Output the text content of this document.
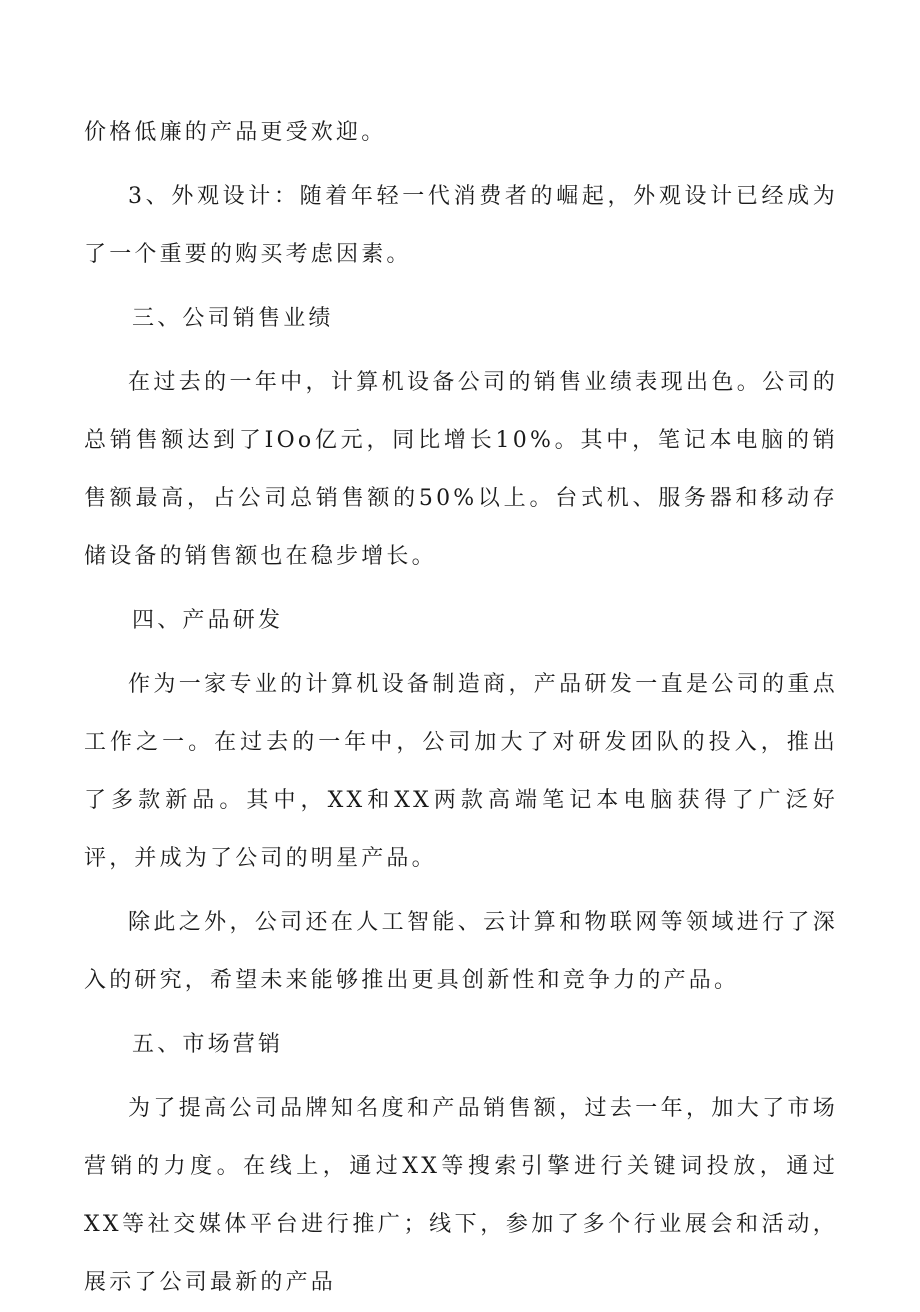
价格低廉的产品更受欢迎。

3、外观设计：随着年轻一代消费者的崛起，外观设计已经成为了一个重要的购买考虑因素。

三、公司销售业绩

在过去的一年中，计算机设备公司的销售业绩表现出色。公司的总销售额达到了IOo亿元，同比增长10%。其中，笔记本电脑的销售额最高，占公司总销售额的50%以上。台式机、服务器和移动存储设备的销售额也在稳步增长。

四、产品研发

作为一家专业的计算机设备制造商，产品研发一直是公司的重点工作之一。在过去的一年中，公司加大了对研发团队的投入，推出了多款新品。其中，XX和XX两款高端笔记本电脑获得了广泛好评，并成为了公司的明星产品。

除此之外，公司还在人工智能、云计算和物联网等领域进行了深入的研究，希望未来能够推出更具创新性和竞争力的产品。

五、市场营销

为了提高公司品牌知名度和产品销售额，过去一年，加大了市场营销的力度。在线上，通过XX等搜索引擎进行关键词投放，通过XX等社交媒体平台进行推广；线下，参加了多个行业展会和活动，展示了公司最新的产品
